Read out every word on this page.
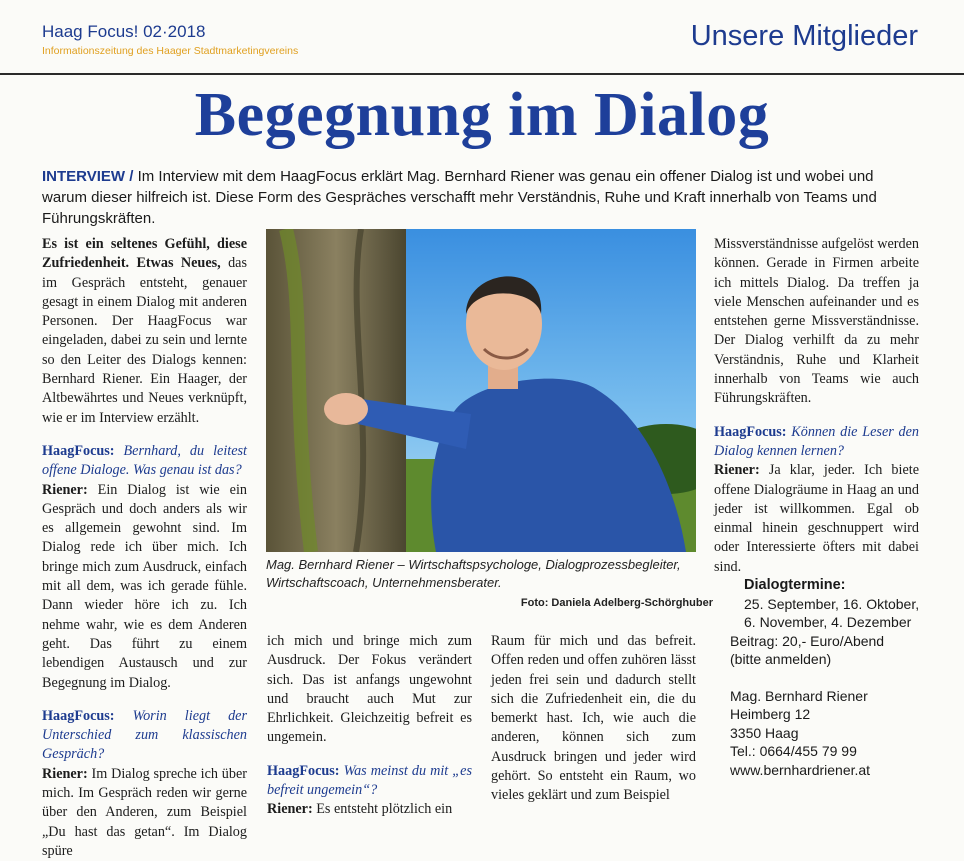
Haag Focus! 02·2018
Informationszeitung des Haager Stadtmarketingvereins	Unsere Mitglieder
Begegnung im Dialog
INTERVIEW / Im Interview mit dem HaagFocus erklärt Mag. Bernhard Riener was genau ein offener Dialog ist und wobei und warum dieser hilfreich ist. Diese Form des Gespräches verschafft mehr Verständnis, Ruhe und Kraft innerhalb von Teams und Führungskräften.

Es ist ein seltenes Gefühl, diese Zufriedenheit. Etwas Neues, das im Gespräch entsteht, genauer gesagt in einem Dialog mit anderen Personen. Der HaagFocus war eingeladen, dabei zu sein und lernte so den Leiter des Dialogs kennen: Bernhard Riener. Ein Haager, der Altbewährtes und Neues verknüpft, wie er im Interview erzählt.

HaagFocus: Bernhard, du leitest offene Dialoge. Was genau ist das?

Riener: Ein Dialog ist wie ein Gespräch und doch anders als wir es allgemein gewohnt sind. Im Dialog rede ich über mich. Ich bringe mich zum Ausdruck, einfach mit all dem, was ich gerade fühle. Dann wieder höre ich zu. Ich nehme wahr, wie es dem Anderen geht. Das führt zu einem lebendigen Austausch und zur Begegnung im Dialog.

HaagFocus: Worin liegt der Unterschied zum klassischen Gespräch?

Riener: Im Dialog spreche ich über mich. Im Gespräch reden wir gerne über den Anderen, zum Beispiel „Du hast das getan“. Im Dialog spüre

Mag. Bernhard Riener – Wirtschaftspsychologe, Dialogprozessbegleiter, Wirtschaftscoach, Unternehmensberater.
Foto: Daniela Adelberg-Schörghuber

ich mich und bringe mich zum Ausdruck. Der Fokus verändert sich. Das ist anfangs ungewohnt und braucht auch Mut zur Ehrlichkeit. Gleichzeitig befreit es ungemein.

HaagFocus: Was meinst du mit „es befreit ungemein“?

Riener: Es entsteht plötzlich ein

Raum für mich und das befreit. Offen reden und offen zuhören lässt jeden frei sein und dadurch stellt sich die Zufriedenheit ein, die du bemerkt hast. Ich, wie auch die anderen, können sich zum Ausdruck bringen und jeder wird gehört. So entsteht ein Raum, wo vieles geklärt und zum Beispiel

Missverständnisse aufgelöst werden können. Gerade in Firmen arbeite ich mittels Dialog. Da treffen ja viele Menschen aufeinander und es entstehen gerne Missverständnisse. Der Dialog verhilft da zu mehr Verständnis, Ruhe und Klarheit innerhalb von Teams wie auch Führungskräften.

HaagFocus: Können die Leser den Dialog kennen lernen?

Riener: Ja klar, jeder. Ich biete offene Dialogräume in Haag an und jeder ist willkommen. Egal ob einmal hinein geschnuppert wird oder Interessierte öfters mit dabei sind.

Dialogtermine:
25. September, 16. Oktober,
6. November, 4. Dezember
Beitrag: 20,- Euro/Abend
(bitte anmelden)
Mag. Bernhard Riener
Heimberg 12
3350 Haag
Tel.: 0664/455 79 99
www.bernhardriener.at
